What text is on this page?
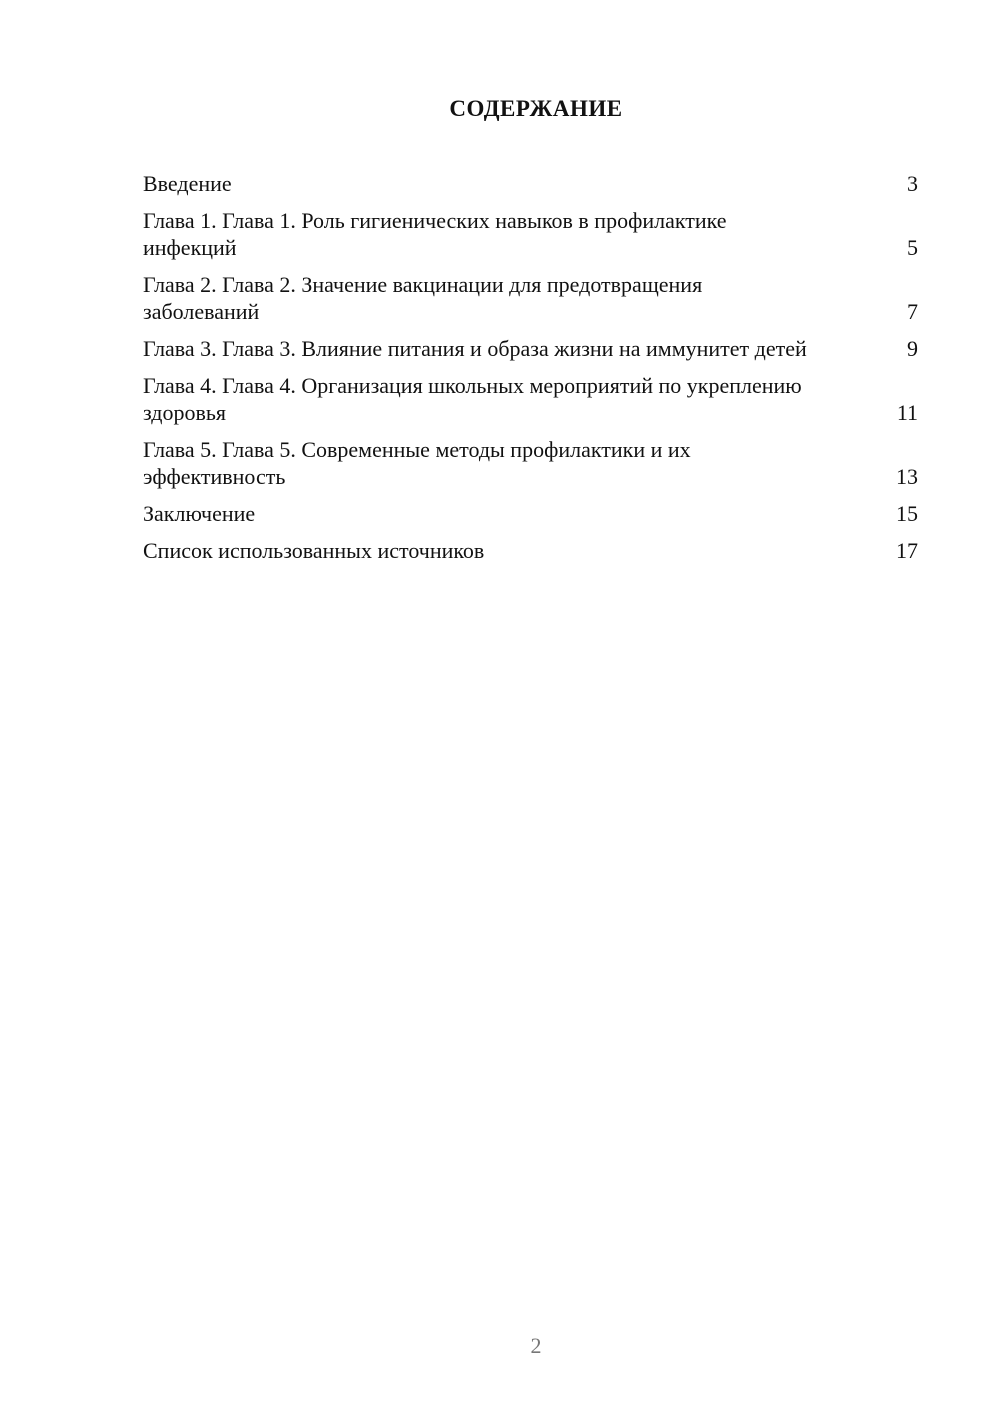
СОДЕРЖАНИЕ
Введение	3
Глава 1. Глава 1. Роль гигиенических навыков в профилактике инфекций	5
Глава 2. Глава 2. Значение вакцинации для предотвращения заболеваний	7
Глава 3. Глава 3. Влияние питания и образа жизни на иммунитет детей	9
Глава 4. Глава 4. Организация школьных мероприятий по укреплению здоровья	11
Глава 5. Глава 5. Современные методы профилактики и их эффективность	13
Заключение	15
Список использованных источников	17
2
